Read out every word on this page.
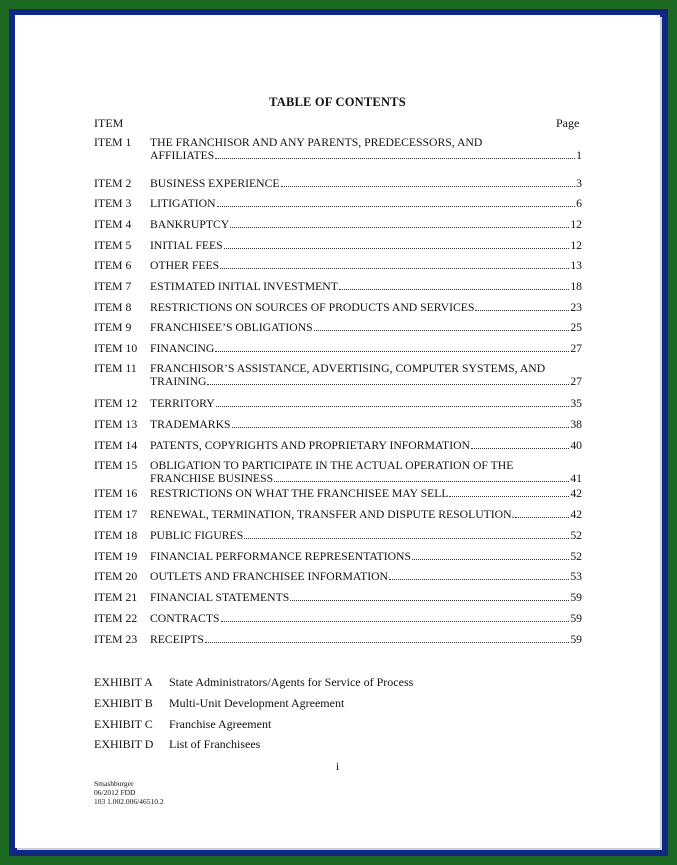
TABLE OF CONTENTS
ITEM	Page
ITEM 1 THE FRANCHISOR AND ANY PARENTS, PREDECESSORS, AND
AFFILIATES	1
ITEM 2 BUSINESS EXPERIENCE	3
ITEM 3 LITIGATION	6
ITEM 4 BANKRUPTCY	12
ITEM 5 INITIAL FEES	12
ITEM 6 OTHER FEES	13
ITEM 7 ESTIMATED INITIAL INVESTMENT	18
ITEM 8 RESTRICTIONS ON SOURCES OF PRODUCTS AND SERVICES	23
ITEM 9 FRANCHISEE’S OBLIGATIONS	25
ITEM 10 FINANCING	27
ITEM 11 FRANCHISOR’S ASSISTANCE, ADVERTISING, COMPUTER SYSTEMS, AND
TRAINING	27
ITEM 12 TERRITORY	35
ITEM 13 TRADEMARKS	38
ITEM 14 PATENTS, COPYRIGHTS AND PROPRIETARY INFORMATION	40
ITEM 15 OBLIGATION TO PARTICIPATE IN THE ACTUAL OPERATION OF THE
FRANCHISE BUSINESS	41
ITEM 16 RESTRICTIONS ON WHAT THE FRANCHISEE MAY SELL	42
ITEM 17 RENEWAL, TERMINATION, TRANSFER AND DISPUTE RESOLUTION.	42
ITEM 18 PUBLIC FIGURES	52
ITEM 19 FINANCIAL PERFORMANCE REPRESENTATIONS	52
ITEM 20 OUTLETS AND FRANCHISEE INFORMATION	53
ITEM 21 FINANCIAL STATEMENTS	59
ITEM 22 CONTRACTS	59
ITEM 23 RECEIPTS	59
EXHIBIT A State Administrators/Agents for Service of Process
EXHIBIT B Multi-Unit Development Agreement
EXHIBIT C Franchise Agreement
EXHIBIT D List of Franchisees
i
Smashburger
06/2012 FDD
103 1.002.006/46510.2
